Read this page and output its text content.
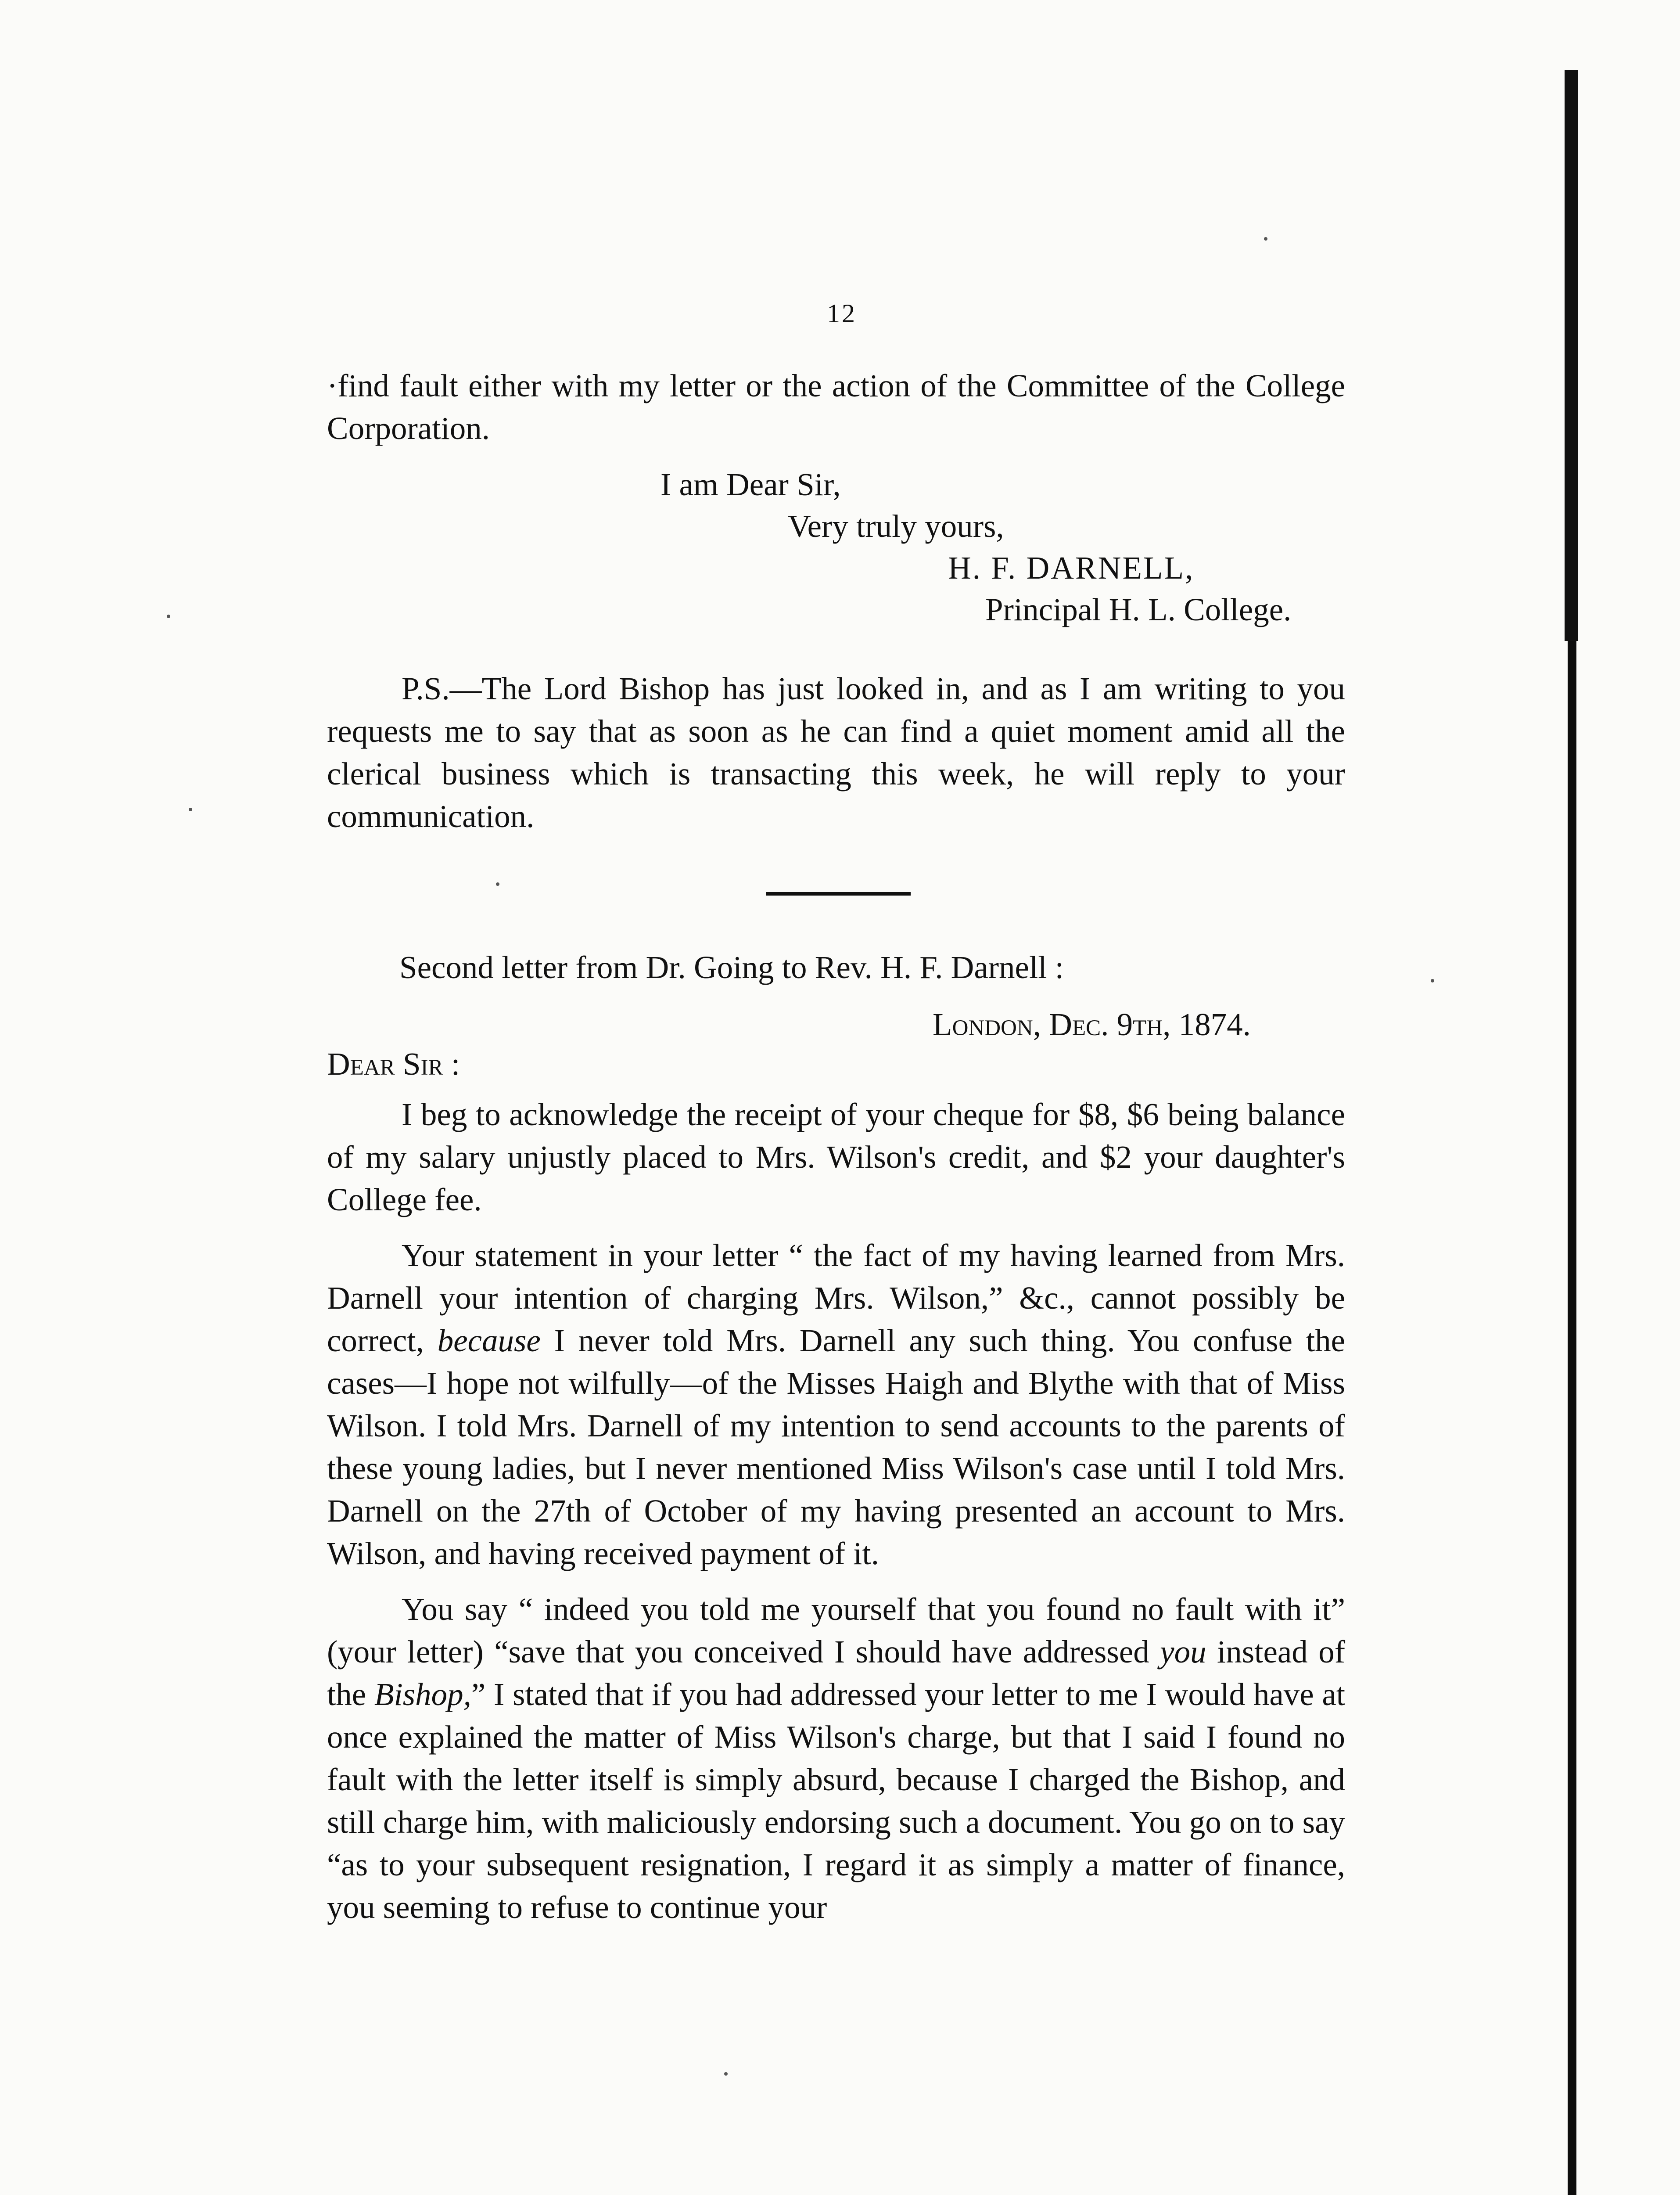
12

·find fault either with my letter or the action of the Committee of the College Corporation.

I am Dear Sir,
Very truly yours,
H. F. DARNELL,
Principal H. L. College.

P.S.—The Lord Bishop has just looked in, and as I am writing to you requests me to say that as soon as he can find a quiet moment amid all the clerical business which is transacting this week, he will reply to your communication.

Second letter from Dr. Going to Rev. H. F. Darnell :
London, Dec. 9th, 1874.
Dear Sir :

I beg to acknowledge the receipt of your cheque for $8, $6 being balance of my salary unjustly placed to Mrs. Wilson's credit, and $2 your daughter's College fee.

Your statement in your letter “ the fact of my having learned from Mrs. Darnell your intention of charging Mrs. Wilson,” &c., cannot possibly be correct, because I never told Mrs. Darnell any such thing. You confuse the cases—I hope not wilfully—of the Misses Haigh and Blythe with that of Miss Wilson. I told Mrs. Darnell of my intention to send accounts to the parents of these young ladies, but I never mentioned Miss Wilson's case until I told Mrs. Darnell on the 27th of October of my having presented an account to Mrs. Wilson, and having received payment of it.

You say “ indeed you told me yourself that you found no fault with it” (your letter) “save that you conceived I should have addressed you instead of the Bishop,” I stated that if you had addressed your letter to me I would have at once explained the matter of Miss Wilson's charge, but that I said I found no fault with the letter itself is simply absurd, because I charged the Bishop, and still charge him, with maliciously endorsing such a document. You go on to say “as to your subsequent resignation, I regard it as simply a matter of finance, you seeming to refuse to continue your
